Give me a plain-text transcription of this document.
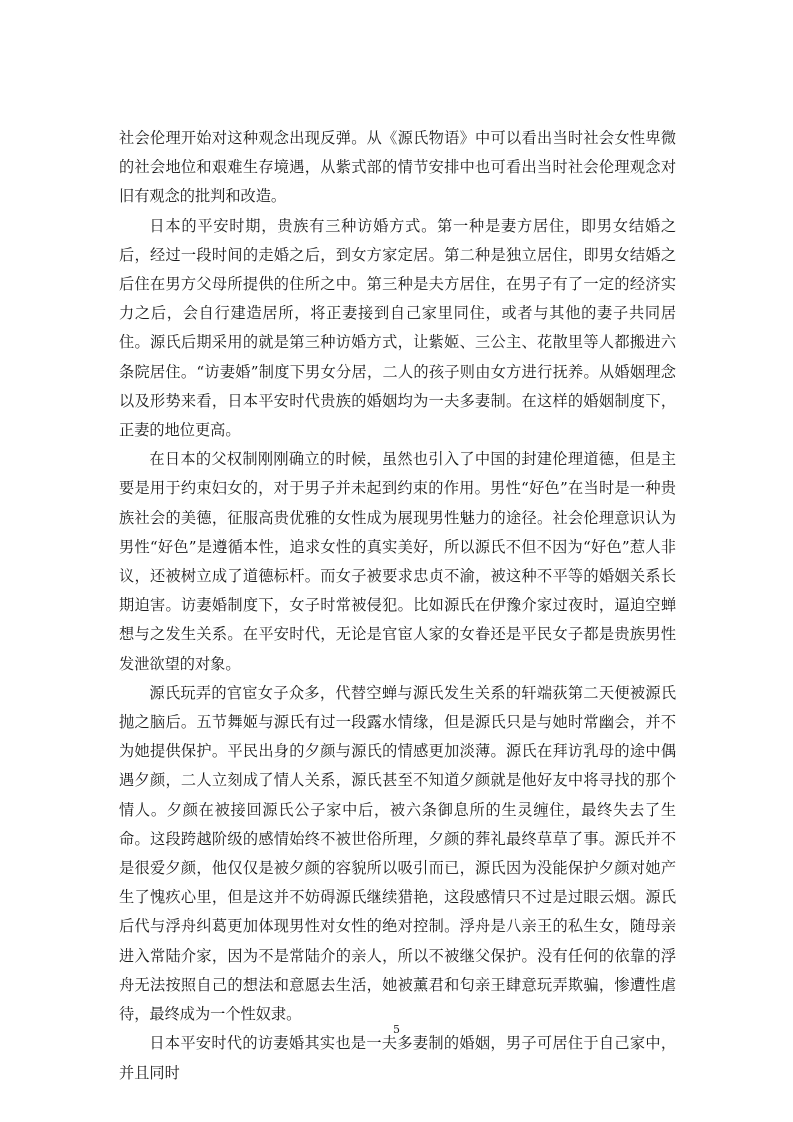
社会伦理开始对这种观念出现反弹。从《源氏物语》中可以看出当时社会女性卑微的社会地位和艰难生存境遇，从紫式部的情节安排中也可看出当时社会伦理观念对旧有观念的批判和改造。

日本的平安时期，贵族有三种访婚方式。第一种是妻方居住，即男女结婚之后，经过一段时间的走婚之后，到女方家定居。第二种是独立居住，即男女结婚之后住在男方父母所提供的住所之中。第三种是夫方居住，在男子有了一定的经济实力之后，会自行建造居所，将正妻接到自己家里同住，或者与其他的妻子共同居住。源氏后期采用的就是第三种访婚方式，让紫姬、三公主、花散里等人都搬进六条院居住。“访妻婚”制度下男女分居，二人的孩子则由女方进行抚养。从婚姻理念以及形势来看，日本平安时代贵族的婚姻均为一夫多妻制。在这样的婚姻制度下，正妻的地位更高。

在日本的父权制刚刚确立的时候，虽然也引入了中国的封建伦理道德，但是主要是用于约束妇女的，对于男子并未起到约束的作用。男性“好色”在当时是一种贵族社会的美德，征服高贵优雅的女性成为展现男性魅力的途径。社会伦理意识认为男性“好色”是遵循本性，追求女性的真实美好，所以源氏不但不因为“好色”惹人非议，还被树立成了道德标杆。而女子被要求忠贞不渝，被这种不平等的婚姻关系长期迫害。访妻婚制度下，女子时常被侵犯。比如源氏在伊豫介家过夜时，逼迫空蝉想与之发生关系。在平安时代，无论是官宦人家的女眷还是平民女子都是贵族男性发泄欲望的对象。

源氏玩弄的官宦女子众多，代替空蝉与源氏发生关系的轩端荻第二天便被源氏抛之脑后。五节舞姬与源氏有过一段露水情缘，但是源氏只是与她时常幽会，并不为她提供保护。平民出身的夕颜与源氏的情感更加淡薄。源氏在拜访乳母的途中偶遇夕颜，二人立刻成了情人关系，源氏甚至不知道夕颜就是他好友中将寻找的那个情人。夕颜在被接回源氏公子家中后，被六条御息所的生灵缠住，最终失去了生命。这段跨越阶级的感情始终不被世俗所理，夕颜的葬礼最终草草了事。源氏并不是很爱夕颜，他仅仅是被夕颜的容貌所以吸引而已，源氏因为没能保护夕颜对她产生了愧疚心里，但是这并不妨碍源氏继续猎艳，这段感情只不过是过眼云烟。源氏后代与浮舟纠葛更加体现男性对女性的绝对控制。浮舟是八亲王的私生女，随母亲进入常陆介家，因为不是常陆介的亲人，所以不被继父保护。没有任何的依靠的浮舟无法按照自己的想法和意愿去生活，她被薰君和匂亲王肆意玩弄欺骗，惨遭性虐待，最终成为一个性奴隶。

日本平安时代的访妻婚其实也是一夫多妻制的婚姻，男子可居住于自己家中，并且同时

5
